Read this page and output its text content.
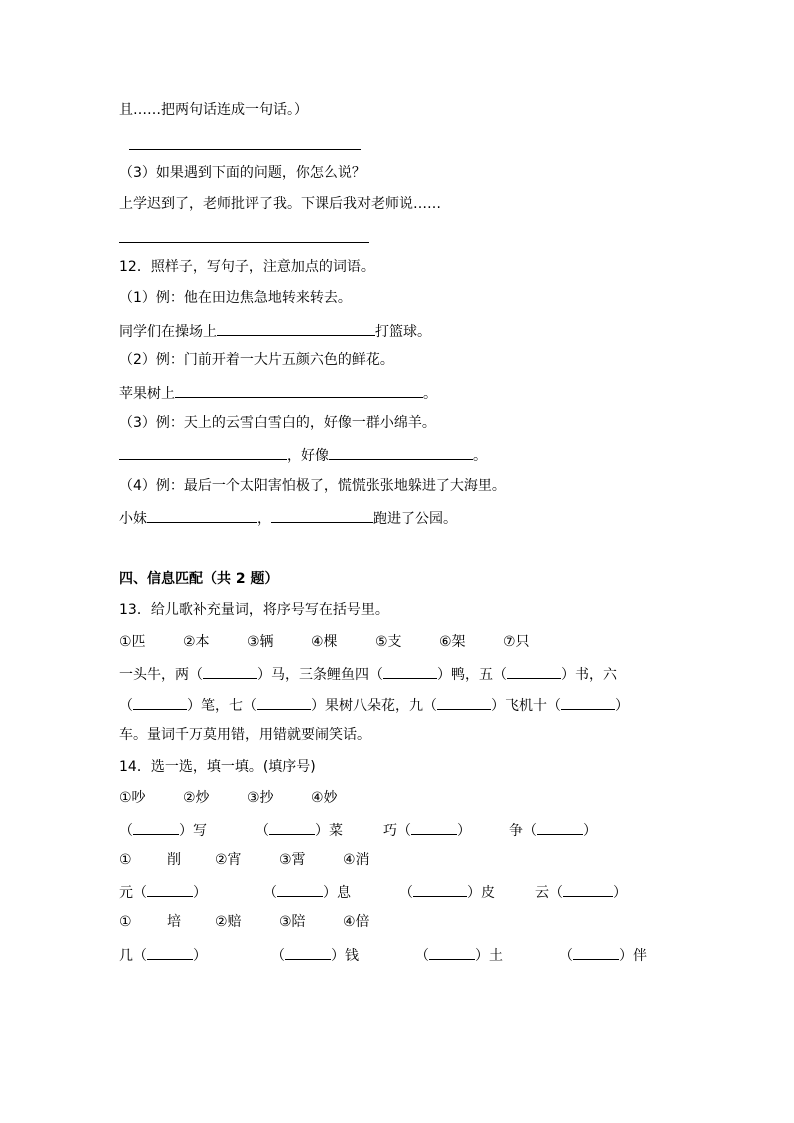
且……把两句话连成一句话。）
（3）如果遇到下面的问题，你怎么说？
上学迟到了，老师批评了我。下课后我对老师说……
12．照样子，写句子，注意加点的词语。
（1）例：他在田边焦急地转来转去。
同学们在操场上	打篮球。
（2）例：门前开着一大片五颜六色的鲜花。
苹果树上	。
（3）例：天上的云雪白雪白的，好像一群小绵羊。
，好像	。
（4）例：最后一个太阳害怕极了，慌慌张张地躲进了大海里。
小妹	，	跑进了公园。
四、信息匹配（共 2 题）
13．给儿歌补充量词，将序号写在括号里。
①匹	②本	③辆	④棵	⑤支	⑥架	⑦只
一头牛，两（	）马，三条鲤鱼四（	）鸭，五（	）书，六
（	）笔，七（	）果树八朵花，九（	）飞机十（	）
车。量词千万莫用错，用错就要闹笑话。
14．选一选，填一填。(填序号)
①吵	②炒	③抄	④妙
（	）写	（	）菜	巧（	）	争（	）
①	削 ②宵	③霄	④消
元（	）	（	）息	（	）皮	云（	）
①	培 ②赔	③陪	④倍
几（	）	（	）钱	（	）土	（	）伴
